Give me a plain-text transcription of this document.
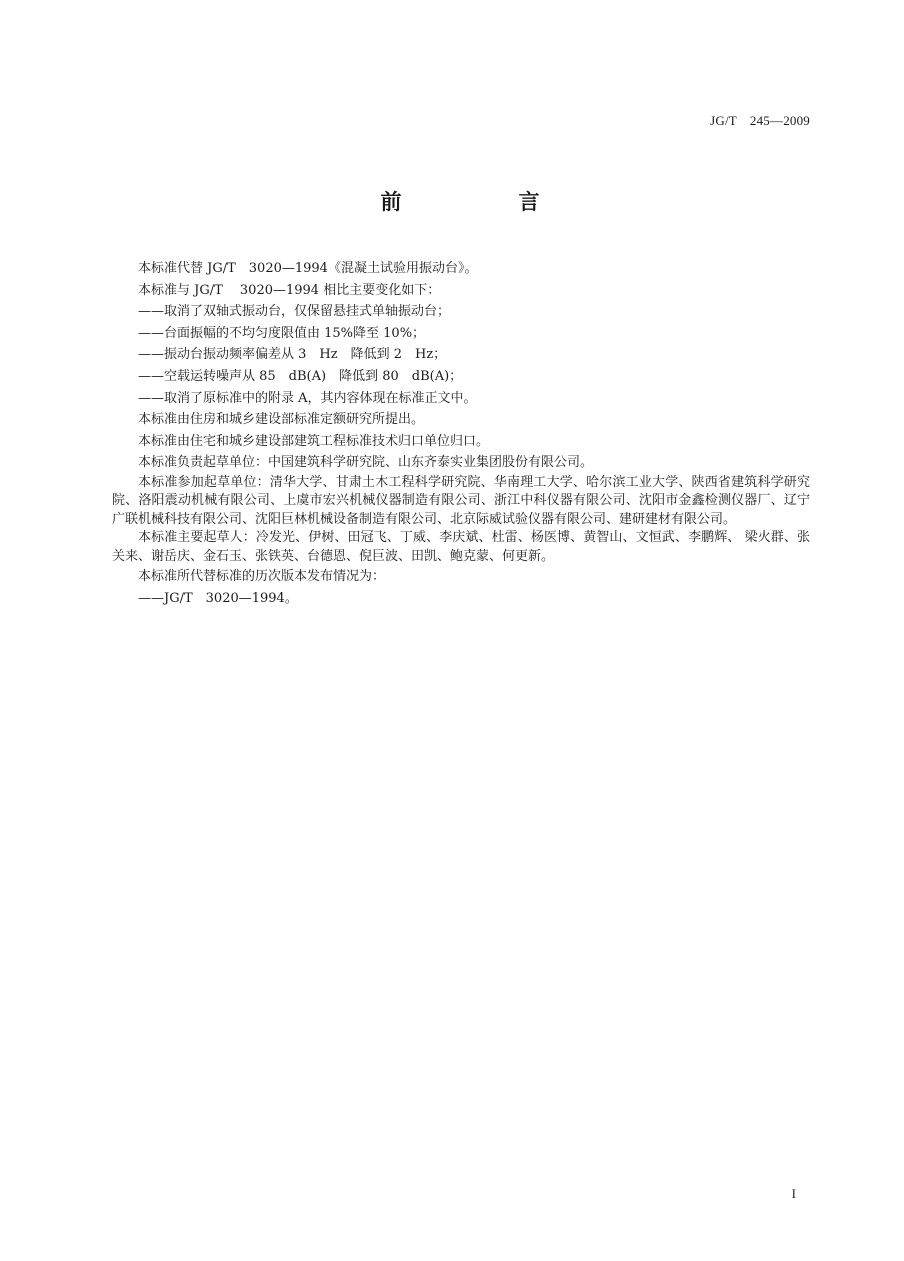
JG/T　245—2009
前　言

本标准代替 JG/T　3020—1994《混凝土试验用振动台》。

本标准与 JG/T　 3020—1994 相比主要变化如下：

——取消了双轴式振动台，仅保留悬挂式单轴振动台；

——台面振幅的不均匀度限值由 15%降至 10%；

——振动台振动频率偏差从 3　Hz　降低到 2　Hz；

——空载运转噪声从 85　dB(A)　降低到 80　dB(A)；

——取消了原标准中的附录 A，其内容体现在标准正文中。

本标准由住房和城乡建设部标准定额研究所提出。

本标准由住宅和城乡建设部建筑工程标准技术归口单位归口。

本标准负责起草单位：中国建筑科学研究院、山东齐泰实业集团股份有限公司。

本标准参加起草单位：清华大学、甘肃土木工程科学研究院、华南理工大学、哈尔滨工业大学、陕西省建筑科学研究院、洛阳震动机械有限公司、上虞市宏兴机械仪器制造有限公司、浙江中科仪器有限公司、沈阳市金鑫检测仪器厂、辽宁广联机械科技有限公司、沈阳巨林机械设备制造有限公司、北京际威试验仪器有限公司、建研建材有限公司。

本标准主要起草人：冷发光、伊树、田冠飞、丁威、李庆斌、杜雷、杨医博、黄智山、文恒武、李鹏辉、 梁火群、张关来、谢岳庆、金石玉、张铁英、台德恩、倪巨波、田凯、鲍克蒙、何更新。

本标准所代替标准的历次版本发布情况为：

——JG/T　3020—1994。

I
